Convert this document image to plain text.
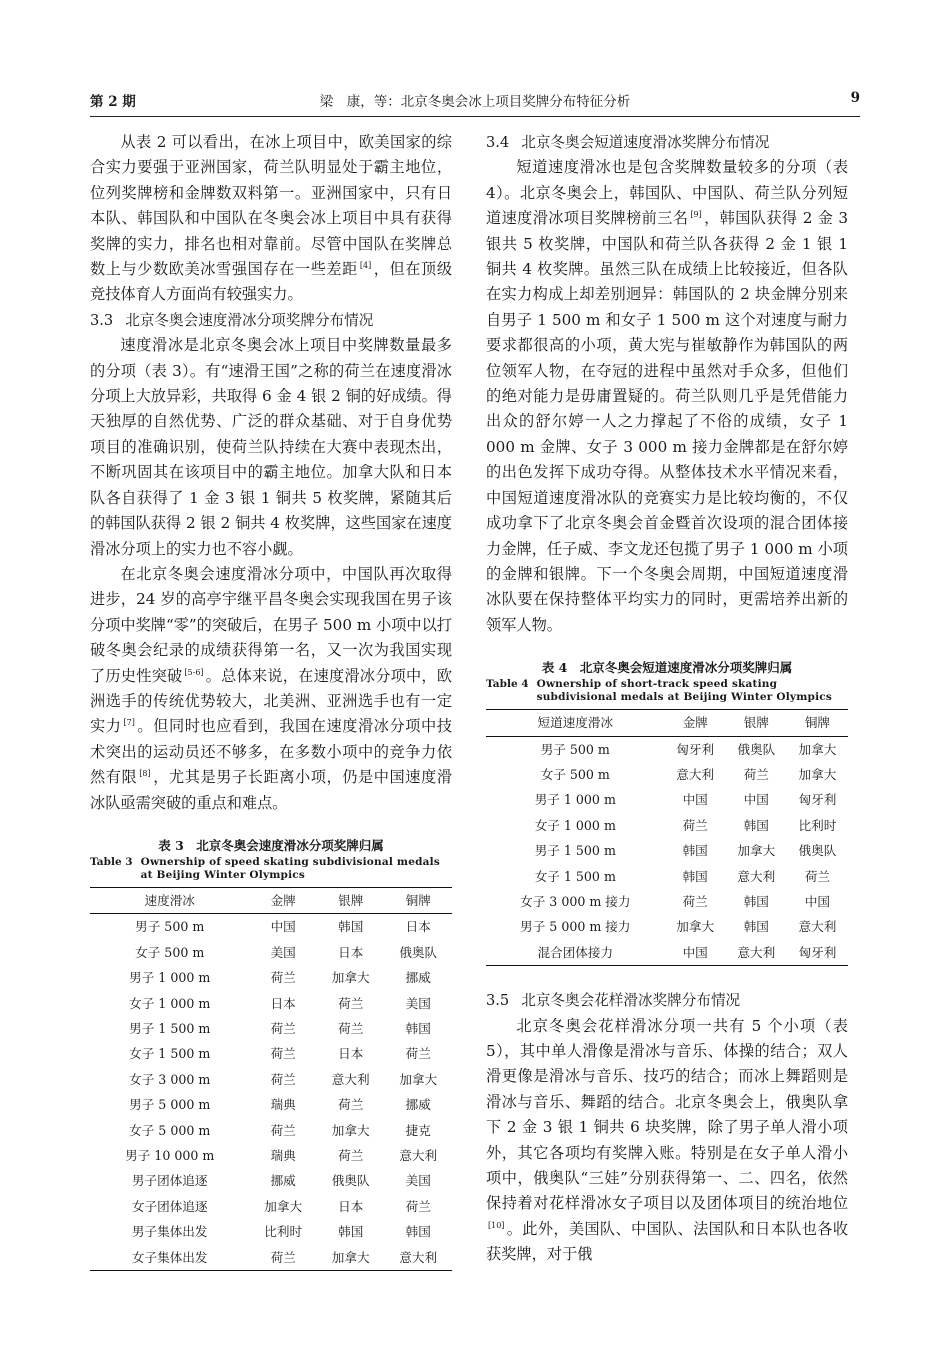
第 2 期	梁　康，等：北京冬奥会冰上项目奖牌分布特征分析	9

从表 2 可以看出，在冰上项目中，欧美国家的综合实力要强于亚洲国家，荷兰队明显处于霸主地位，位列奖牌榜和金牌数双料第一。亚洲国家中，只有日本队、韩国队和中国队在冬奥会冰上项目中具有获得奖牌的实力，排名也相对靠前。尽管中国队在奖牌总数上与少数欧美冰雪强国存在一些差距 [4] ，但在顶级竞技体育人方面尚有较强实力。

3.3 北京冬奥会速度滑冰分项奖牌分布情况

速度滑冰是北京冬奥会冰上项目中奖牌数量最多的分项（表 3）。有“速滑王国”之称的荷兰在速度滑冰分项上大放异彩，共取得 6 金 4 银 2 铜的好成绩。得天独厚的自然优势、广泛的群众基础、对于自身优势项目的准确识别，使荷兰队持续在大赛中表现杰出，不断巩固其在该项目中的霸主地位。加拿大队和日本队各自获得了 1 金 3 银 1 铜共 5 枚奖牌，紧随其后的韩国队获得 2 银 2 铜共 4 枚奖牌，这些国家在速度滑冰分项上的实力也不容小觑。

在北京冬奥会速度滑冰分项中，中国队再次取得进步，24 岁的高亭宇继平昌冬奥会实现我国在男子该分项中奖牌“零”的突破后，在男子 500 m 小项中以打破冬奥会纪录的成绩获得第一名，又一次为我国实现了历史性突破 [5-6] 。总体来说，在速度滑冰分项中，欧洲选手的传统优势较大，北美洲、亚洲选手也有一定实力 [7] 。但同时也应看到，我国在速度滑冰分项中技术突出的运动员还不够多，在多数小项中的竞争力依然有限 [8] ，尤其是男子长距离小项，仍是中国速度滑冰队亟需突破的重点和难点。

表 3　北京冬奥会速度滑冰分项奖牌归属
Table 3 Ownership of speed skating subdivisional medals at Beijing Winter Olympics
速度滑冰	金牌	银牌	铜牌
男子 500 m	中国	韩国	日本
女子 500 m	美国	日本	俄奥队
男子 1 000 m	荷兰	加拿大	挪威
女子 1 000 m	日本	荷兰	美国
男子 1 500 m	荷兰	荷兰	韩国
女子 1 500 m	荷兰	日本	荷兰
女子 3 000 m	荷兰	意大利	加拿大
男子 5 000 m	瑞典	荷兰	挪威
女子 5 000 m	荷兰	加拿大	捷克
男子 10 000 m	瑞典	荷兰	意大利
男子团体追逐	挪威	俄奥队	美国
女子团体追逐	加拿大	日本	荷兰
男子集体出发	比利时	韩国	韩国
女子集体出发	荷兰	加拿大	意大利
3.4 北京冬奥会短道速度滑冰奖牌分布情况

短道速度滑冰也是包含奖牌数量较多的分项（表 4）。北京冬奥会上，韩国队、中国队、荷兰队分列短道速度滑冰项目奖牌榜前三名 [9] ，韩国队获得 2 金 3 银共 5 枚奖牌，中国队和荷兰队各获得 2 金 1 银 1 铜共 4 枚奖牌。虽然三队在成绩上比较接近，但各队在实力构成上却差别迥异：韩国队的 2 块金牌分别来自男子 1 500 m 和女子 1 500 m 这个对速度与耐力要求都很高的小项，黄大宪与崔敏静作为韩国队的两位领军人物，在夺冠的进程中虽然对手众多，但他们的绝对能力是毋庸置疑的。荷兰队则几乎是凭借能力出众的舒尔婷一人之力撑起了不俗的成绩，女子 1 000 m 金牌、女子 3 000 m 接力金牌都是在舒尔婷的出色发挥下成功夺得。从整体技术水平情况来看，中国短道速度滑冰队的竞赛实力是比较均衡的，不仅成功拿下了北京冬奥会首金暨首次设项的混合团体接力金牌，任子威、李文龙还包揽了男子 1 000 m 小项的金牌和银牌。下一个冬奥会周期，中国短道速度滑冰队要在保持整体平均实力的同时，更需培养出新的领军人物。

表 4　北京冬奥会短道速度滑冰分项奖牌归属
Table 4 Ownership of short-track speed skating subdivisional medals at Beijing Winter Olympics
短道速度滑冰	金牌	银牌	铜牌
男子 500 m	匈牙利	俄奥队	加拿大
女子 500 m	意大利	荷兰	加拿大
男子 1 000 m	中国	中国	匈牙利
女子 1 000 m	荷兰	韩国	比利时
男子 1 500 m	韩国	加拿大	俄奥队
女子 1 500 m	韩国	意大利	荷兰
女子 3 000 m 接力	荷兰	韩国	中国
男子 5 000 m 接力	加拿大	韩国	意大利
混合团体接力	中国	意大利	匈牙利
3.5 北京冬奥会花样滑冰奖牌分布情况

北京冬奥会花样滑冰分项一共有 5 个小项（表 5），其中单人滑像是滑冰与音乐、体操的结合；双人滑更像是滑冰与音乐、技巧的结合；而冰上舞蹈则是滑冰与音乐、舞蹈的结合。北京冬奥会上，俄奥队拿下 2 金 3 银 1 铜共 6 块奖牌，除了男子单人滑小项外，其它各项均有奖牌入账。特别是在女子单人滑小项中，俄奥队“三娃”分别获得第一、二、四名，依然保持着对花样滑冰女子项目以及团体项目的统治地位[10] 。此外，美国队、中国队、法国队和日本队也各收获奖牌，对于俄
